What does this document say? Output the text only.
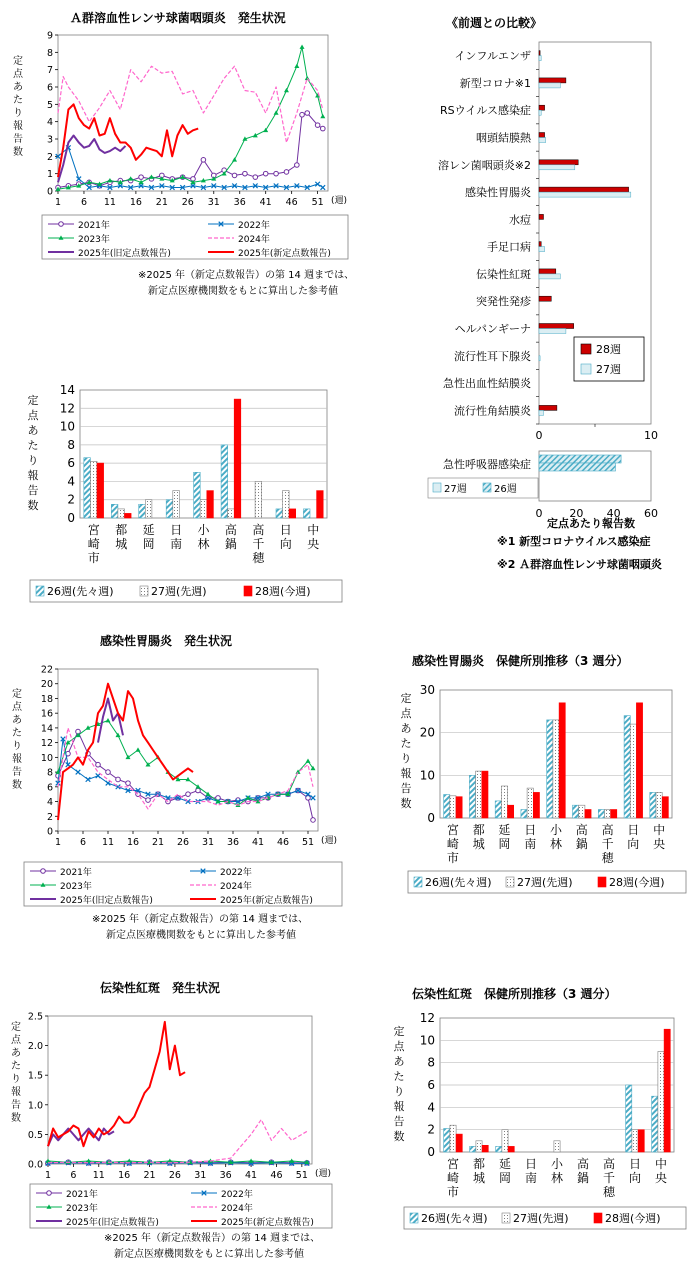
Ａ群溶血性レンサ球菌咽頭炎　発生状況
0
1
2
3
4
5
6
7
8
9
1 6 11 16 21 26 31 36 41 46 51 (週)
定
点
あ
た
り
報
告
数
2021年	2022年
2023年	2024年
2025年(旧定点数報告)	2025年(新定点数報告)
※2025 年（新定点数報告）の第 14 週までは、
新定点医療機関数をもとに算出した参考値
0
2
4
6
8
10
12
14
定
点
あ
た
り
報
告
数
宮
崎
市
都
城
延
岡
日
南
小
林
高
鍋
高
千
穂
日
向
中
央
26週(先々週)	27週(先週)	28週(今週)
《前週との比較》
インフルエンザ
新型コロナ※1
RSウイルス感染症
咽頭結膜熱
溶レン菌咽頭炎※2
感染性胃腸炎
水痘
手足口病
伝染性紅斑
突発性発疹
ヘルパンギーナ
流行性耳下腺炎
急性出血性結膜炎
流行性角結膜炎
0	10
28週
27週
急性呼吸器感染症
27週	26週
0 20 40 60
定点あたり報告数
※1 新型コロナウイルス感染症
※2 Ａ群溶血性レンサ球菌咽頭炎
感染性胃腸炎　発生状況
0
2
4
6
8
10
12
14
16
18
20
22
1 6 11 16 21 26 31 36 41 46 51 (週)
定
点
あ
た
り
報
告
数
2021年	2022年
2023年	2024年
2025年(旧定点数報告)	2025年(新定点数報告)
※2025 年（新定点数報告）の第 14 週までは、
新定点医療機関数をもとに算出した参考値
感染性胃腸炎　保健所別推移（3 週分）
0
10
20
30
定
点
あ
た
り
報
告
数
宮
崎
市
都
城
延
岡
日
南
小
林
高
鍋
高
千
穂
日
向
中
央
26週(先々週) 27週(先週)	28週(今週)
伝染性紅斑　発生状況
0.0
0.5
1.0
1.5
2.0
2.5
1 6 11 16 21 26 31 36 41 46 51 (週)
定
点
あ
た
り
報
告
数
2021年	2022年
2023年	2024年
2025年(旧定点数報告)	2025年(新定点数報告)
※2025 年（新定点数報告）の第 14 週までは、
新定点医療機関数をもとに算出した参考値
伝染性紅斑　保健所別推移（3 週分）
0
2
4
6
8
10
12
定
点
あ
た
り
報
告
数
宮
崎
市
都
城
延
岡
日
南
小
林
高
鍋
高
千
穂
日
向
中
央
26週(先々週) 27週(先週)	28週(今週)
